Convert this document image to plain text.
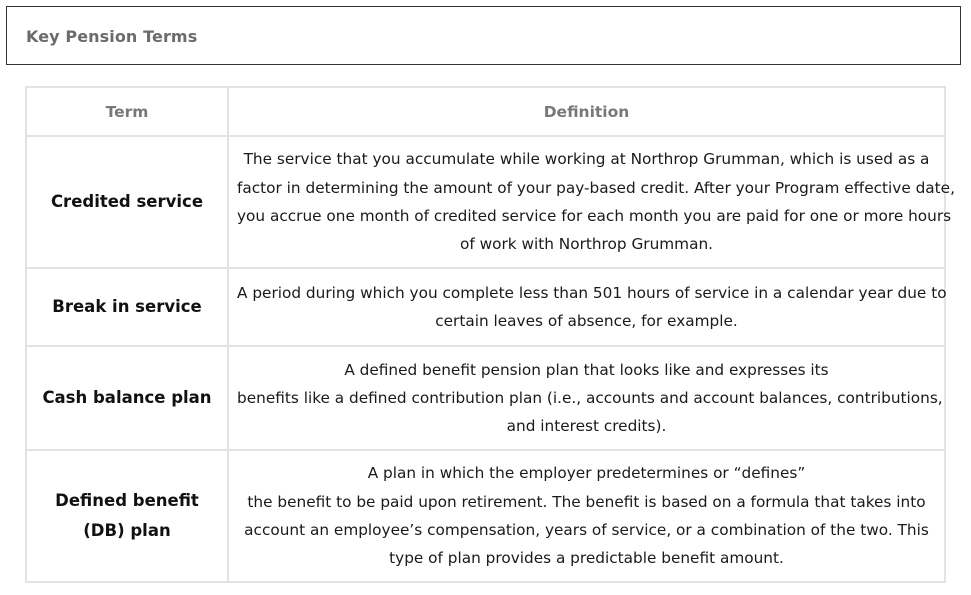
Key Pension Terms
Term	Definition

Credited service	The service that you accumulate while working at Northrop Grumman, which is used as a
factor in determining the amount of your pay-based credit. After your Program effective date,
you accrue one month of credited service for each month you are paid for one or more hours
of work with Northrop Grumman.

Break in service	A period during which you complete less than 501 hours of service in a calendar year due to
certain leaves of absence, for example.

Cash balance plan	A defined benefit pension plan that looks like and expresses its
benefits like a defined contribution plan (i.e., accounts and account balances, contributions,
and interest credits).

Defined benefit
(DB) plan	A plan in which the employer predetermines or “defines”
the benefit to be paid upon retirement. The benefit is based on a formula that takes into
account an employee’s compensation, years of service, or a combination of the two. This
type of plan provides a predictable benefit amount.
